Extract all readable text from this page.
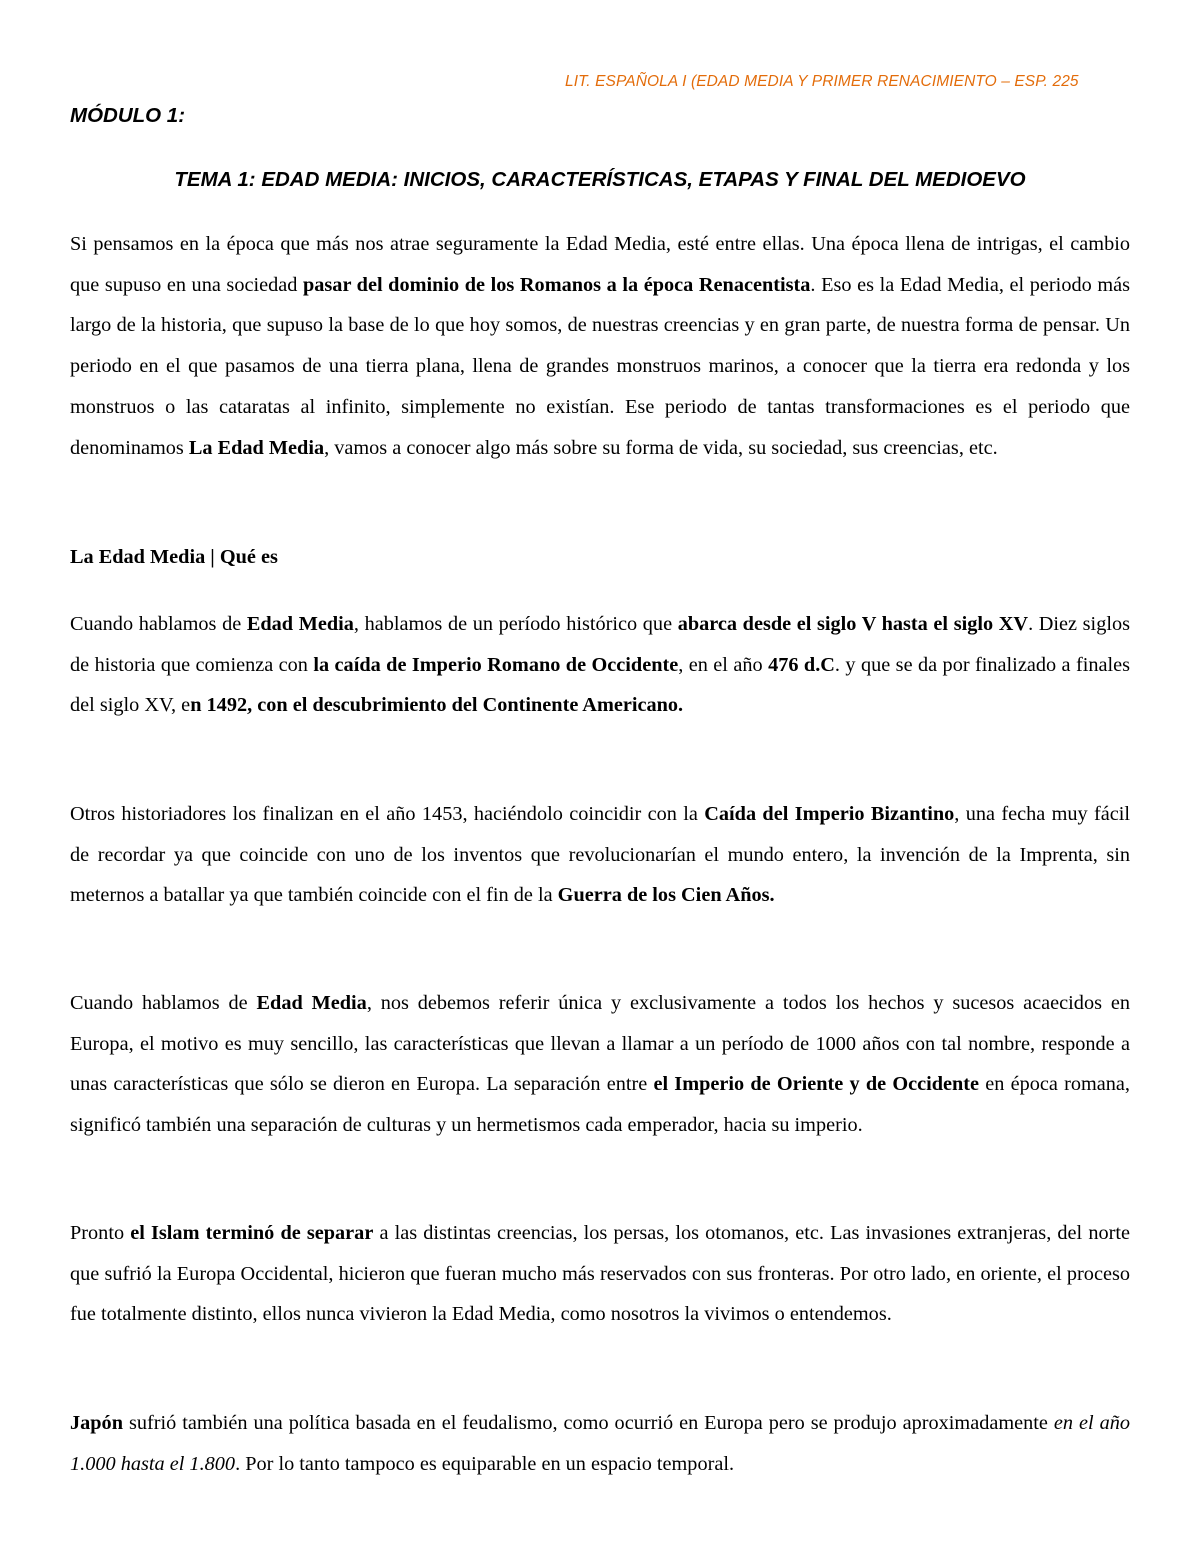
LIT. ESPAÑOLA I (EDAD MEDIA Y PRIMER RENACIMIENTO – ESP. 225
MÓDULO 1:
TEMA 1: EDAD MEDIA: INICIOS, CARACTERÍSTICAS, ETAPAS Y FINAL DEL MEDIOEVO
Si pensamos en la época que más nos atrae seguramente la Edad Media, esté entre ellas. Una época llena de intrigas, el cambio que supuso en una sociedad pasar del dominio de los Romanos a la época Renacentista. Eso es la Edad Media, el periodo más largo de la historia, que supuso la base de lo que hoy somos, de nuestras creencias y en gran parte, de nuestra forma de pensar. Un periodo en el que pasamos de una tierra plana, llena de grandes monstruos marinos, a conocer que la tierra era redonda y los monstruos o las cataratas al infinito, simplemente no existían. Ese periodo de tantas transformaciones es el periodo que denominamos La Edad Media, vamos a conocer algo más sobre su forma de vida, su sociedad, sus creencias, etc.
La Edad Media | Qué es
Cuando hablamos de Edad Media, hablamos de un período histórico que abarca desde el siglo V hasta el siglo XV. Diez siglos de historia que comienza con la caída de Imperio Romano de Occidente, en el año 476 d.C. y que se da por finalizado a finales del siglo XV, en 1492, con el descubrimiento del Continente Americano.
Otros historiadores los finalizan en el año 1453, haciéndolo coincidir con la Caída del Imperio Bizantino, una fecha muy fácil de recordar ya que coincide con uno de los inventos que revolucionarían el mundo entero, la invención de la Imprenta, sin meternos a batallar ya que también coincide con el fin de la Guerra de los Cien Años.
Cuando hablamos de Edad Media, nos debemos referir única y exclusivamente a todos los hechos y sucesos acaecidos en Europa, el motivo es muy sencillo, las características que llevan a llamar a un período de 1000 años con tal nombre, responde a unas características que sólo se dieron en Europa. La separación entre el Imperio de Oriente y de Occidente en época romana, significó también una separación de culturas y un hermetismos cada emperador, hacia su imperio.
Pronto el Islam terminó de separar a las distintas creencias, los persas, los otomanos, etc. Las invasiones extranjeras, del norte que sufrió la Europa Occidental, hicieron que fueran mucho más reservados con sus fronteras. Por otro lado, en oriente, el proceso fue totalmente distinto, ellos nunca vivieron la Edad Media, como nosotros la vivimos o entendemos.
Japón sufrió también una política basada en el feudalismo, como ocurrió en Europa pero se produjo aproximadamente en el año 1.000 hasta el 1.800. Por lo tanto tampoco es equiparable en un espacio temporal.
